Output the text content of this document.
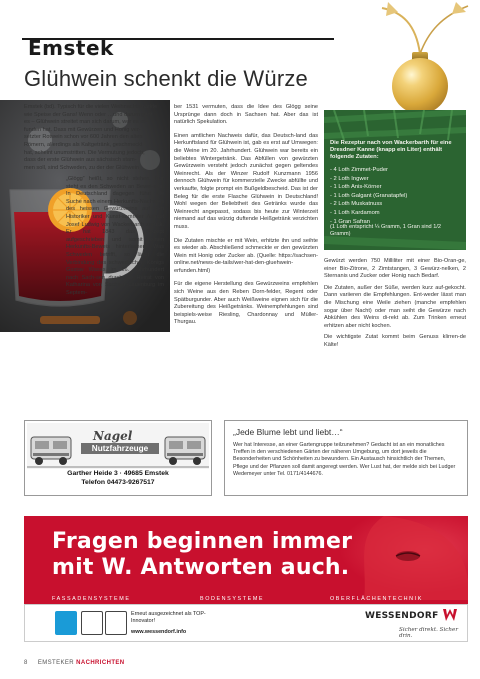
Emstek
Glühwein schenkt die Würze
Emstek (bd). Typisch für die vielen Weihnachtsmärkte
wie Speise der Gans! Wenn oder …und darum geht
es – Glühwein streitet man sich darum, wer es er-
funden hat. Dass mit Gewürzen und Honig ver-
setzter Rotwein schon vor 600 Jahren den alten
Römern, allerdings als Kaltgetränk, geschmeckt
hat, scheint unumstritten. Die Vermutung jedoch,
dass der erste Glühwein aus sächsisch stam-
men soll, sind Schweden, zu der der Glühwein
„Glögg“ heißt, so nicht stehen. Nur steht es den Schweden an Bewei-sen. In Deutschland dagegen führt die Suche nach einem Herkunfts-Nachweis des heissen Gewürzweins auf den Historiker und Kunst-sammler August Josef Ludwig von Wackerbarth zurück. Er hat 1843 das Rezept aufgeschrieben und somit einen Herkunfts-Beweis hinterlassen. Was Schweden betrifft, so lässt die Verbindung des schwedischen Königs Gustav Wasas im 16. Jahrhundert nach Sach-sen durch die Heirat von Katharina von Sachsen-Lauenburg im Septem-

ber 1531 vermuten, dass die Idee des Glögg seine Ursprünge dann doch in Sachsen hat. Aber das ist natürlich Spekulation.

Einen amtlichen Nachweis dafür, das Deutsch-land das Herkunftsland für Glühwein ist, gab es erst auf Umwegen: die Weine im 20. Jahrhundert. Glühwein war bereits ein beliebtes Wintergetränk. Das Abfüllen von gewürzten Gewürzwein versteht jedoch zunächst gegen geltendes Weinrecht. Als der Winzer Rudolf Kunzmann 1956 dennoch Glühwein für kommerzielle Zwecke abfüllte und verkaufte, folgte prompt ein Bußgeldbescheid. Das ist der Beleg für die erste Flasche Glühwein in Deutschland! Wohl wegen der Beliebtheit des Getränks wurde das Weinrecht angepasst, sodass bis heute zur Winterzeit niemand auf das würzig duftende Heißgetränk verzichten muss.

Die Zutaten mischte er mit Wein, erhitzte ihn und seihte es wieder ab. Abschließend schmeckte er den gewürzten Wein mit Honig oder Zucker ab. (Quelle: https://sachsen-online.net/news-de-tails/wer-hat-den-gluehwein-erfunden.html)

Für die eigene Herstellung des Gewürzweins empfehlen sich Weine aus den Reben Dorn-felder, Regent oder Spätburgunder. Aber auch Weißweine eignen sich für die Zubereitung des Heißgetränks. Weinempfehlungen sind beispiels-weise Riesling, Chardonnay und Müller-Thurgau.

Die Rezeptur nach von Wackerbarth für eine Dresdner Kanne (knapp ein Liter) enthält folgende Zutaten:
- 4 Loth Zimmet-Puder
- 2 Loth Ingwer
- 1 Loth Anis-Körner
- 1 Loth Galgant (Granatapfel)
- 2 Loth Muskatnuss
- 1 Loth Kardamom
- 1 Gran Safran
(1 Loth entspricht ¼ Gramm, 1 Gran sind 1/2 Gramm)

Gewürzt werden 750 Milliliter mit einer Bio-Oran-ge, einer Bio-Zitrone, 2 Zimtstangen, 3 Gewürz-nelken, 2 Sternanis und Zucker oder Honig nach Bedarf.

Die Zutaten, außer der Süße, werden kurz auf-gekocht. Dann variieren die Empfehlungen. Ent-weder lässt man die Mischung eine Weile ziehen (manche empfehlen sogar über Nacht) oder man seiht die Gewürze nach Abkühlen des Weins di-rekt ab. Zum Trinken erneut erhitzen aber nicht kochen.

Die wichtigste Zutat kommt beim Genuss klirren-de Kälte!

Nagel
Nutzfahrzeuge
Garther Heide 3 · 49685 Emstek
Telefon 04473-9267517
„Jede Blume lebt und liebt…“
Wer hat Interesse, an einer Gartengruppe teilzunehmen? Gedacht ist an ein monatliches Treffen in den verschiedenen Gärten der näheren Umgebung, um dort jeweils die Besonderheiten und Schönheiten zu bewundern. Ein Austausch hinsichtlich der Themen, Pflege und der Pflanzen soll damit angeregt werden. Wer Lust hat, der melde sich bei Ludger Wedemeyer unter Tel. 0171/4144676.
Fragen beginnen immer
mit W. Antworten auch.
FASSADENSYSTEME	BODENSYSTEME	OBERFLÄCHENTECHNIK
Erneut ausgezeichnet als TOP-Innovator!
www.wessendorf.info
WESSENDORF
Sicher direkt. Sicher drin.
8 EMSTEKER NACHRICHTEN
